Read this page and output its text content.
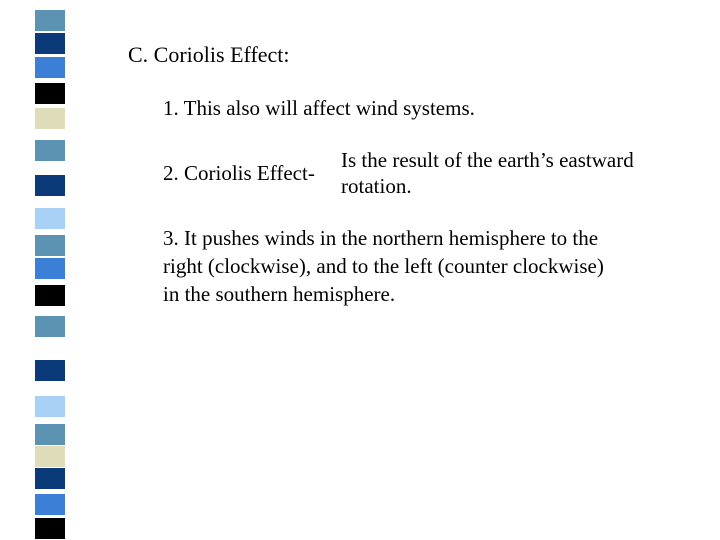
C. Coriolis Effect:
1. This also will affect wind systems.
2. Coriolis Effect-
Is the result of the earth’s eastward
rotation.
3. It pushes winds in the northern hemisphere to the
right (clockwise), and to the left (counter clockwise)
in the southern hemisphere.
